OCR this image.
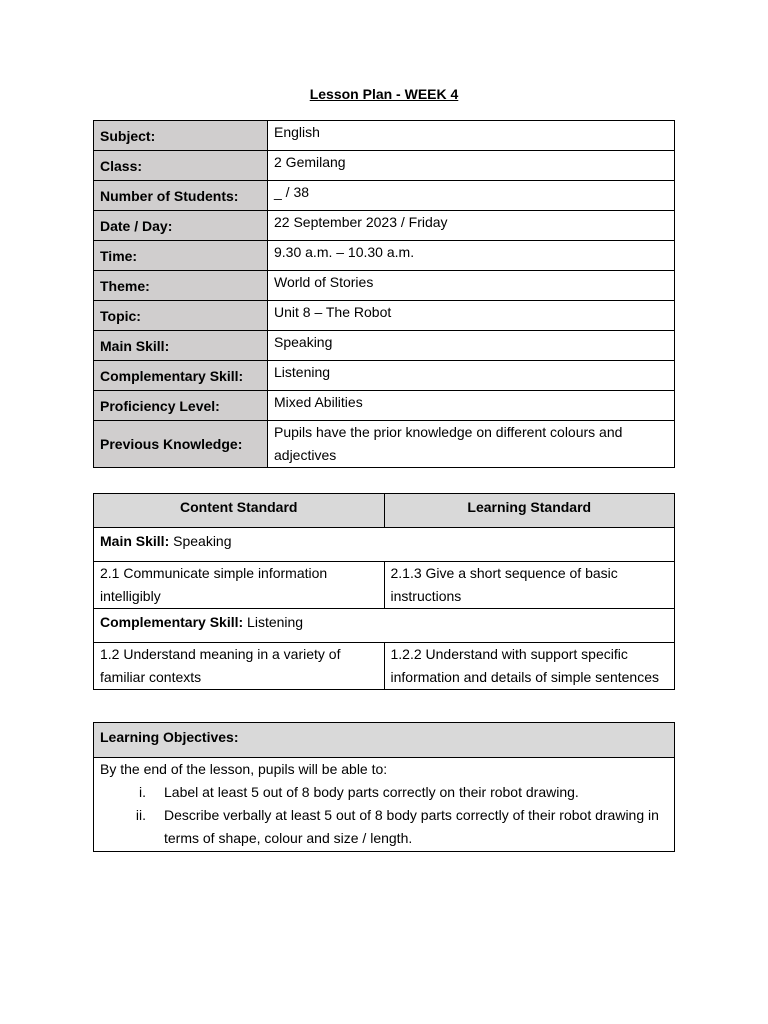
Lesson Plan - WEEK 4
Subject:	English
Class:	2 Gemilang
Number of Students:	_ / 38
Date / Day:	22 September 2023 / Friday
Time:	9.30 a.m. – 10.30 a.m.
Theme:	World of Stories
Topic:	Unit 8 – The Robot
Main Skill:	Speaking
Complementary Skill:	Listening
Proficiency Level:	Mixed Abilities
Previous Knowledge:	Pupils have the prior knowledge on different colours and adjectives
Content Standard	Learning Standard
Main Skill: Speaking	
2.1 Communicate simple information intelligibly	2.1.3 Give a short sequence of basic instructions
Complementary Skill: Listening	
1.2 Understand meaning in a variety of familiar contexts	1.2.2 Understand with support specific information and details of simple sentences
Learning Objectives:

By the end of the lesson, pupils will be able to:
i.	Label at least 5 out of 8 body parts correctly on their robot drawing.
ii.	Describe verbally at least 5 out of 8 body parts correctly of their robot drawing in terms of shape, colour and size / length.
